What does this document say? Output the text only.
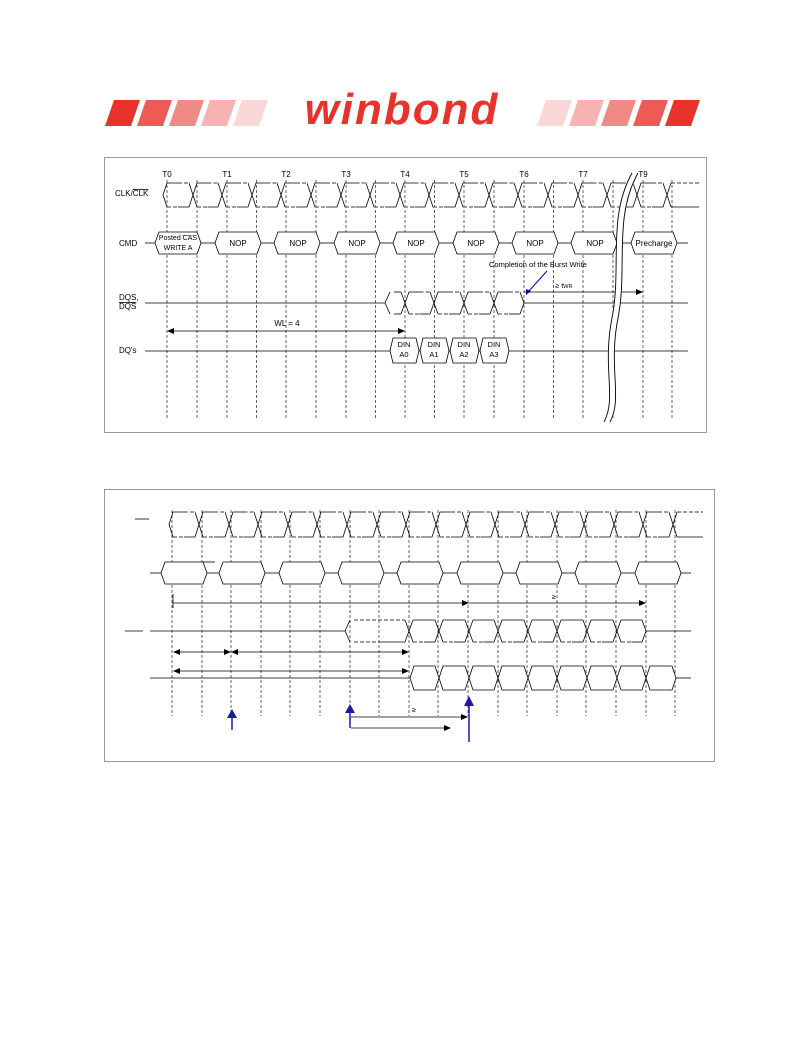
winbond
T0	T1	T2	T3	T4	T5	T6	T7	T9
CLK/CLK
CMD
DQS,
DQS
DQ's
Posted CAS
WRITE A
NOP	NOP	NOP	NOP	NOP	NOP	NOP	Precharge
Completion of the Burst Write
≥ tWR
WL = 4
DIN
A0
DIN
A1
DIN
A2
DIN
A3
≥
≥
